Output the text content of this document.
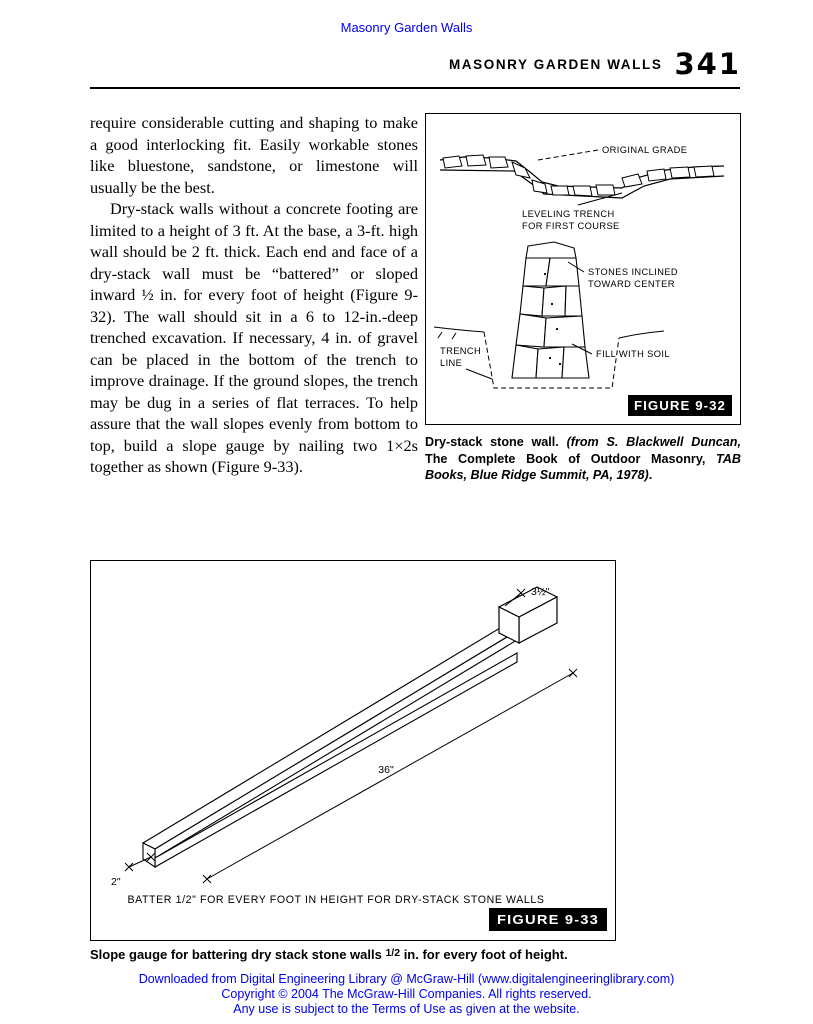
Masonry Garden Walls
MASONRY GARDEN WALLS 341

require considerable cutting and shaping to make a good interlocking fit. Easily workable stones like bluestone, sandstone, or limestone will usually be the best.

Dry-stack walls without a concrete footing are limited to a height of 3 ft. At the base, a 3-ft. high wall should be 2 ft. thick. Each end and face of a dry-stack wall must be “battered” or sloped inward ½ in. for every foot of height (Figure 9-32). The wall should sit in a 6 to 12-in.-deep trenched excavation. If necessary, 4 in. of gravel can be placed in the bottom of the trench to improve drainage. If the ground slopes, the trench may be dug in a series of flat terraces. To help assure that the wall slopes evenly from bottom to top, build a slope gauge by nailing two 1×2s together as shown (Figure 9-33).

ORIGINAL GRADE
LEVELING TRENCH
FOR FIRST COURSE
STONES INCLINED
TOWARD CENTER
FILL WITH SOIL
TRENCH
LINE
FIGURE 9-32

Dry-stack stone wall. (from S. Blackwell Duncan, The Complete Book of Outdoor Masonry, TAB Books, Blue Ridge Summit, PA, 1978).

3½"
36"
2"
BATTER 1/2" FOR EVERY FOOT IN HEIGHT FOR DRY-STACK STONE WALLS
FIGURE 9-33

Slope gauge for battering dry stack stone walls $^{1/2}$ in. for every foot of height.

Downloaded from Digital Engineering Library @ McGraw-Hill (www.digitalengineeringlibrary.com)
Copyright © 2004 The McGraw-Hill Companies. All rights reserved.
Any use is subject to the Terms of Use as given at the website.
